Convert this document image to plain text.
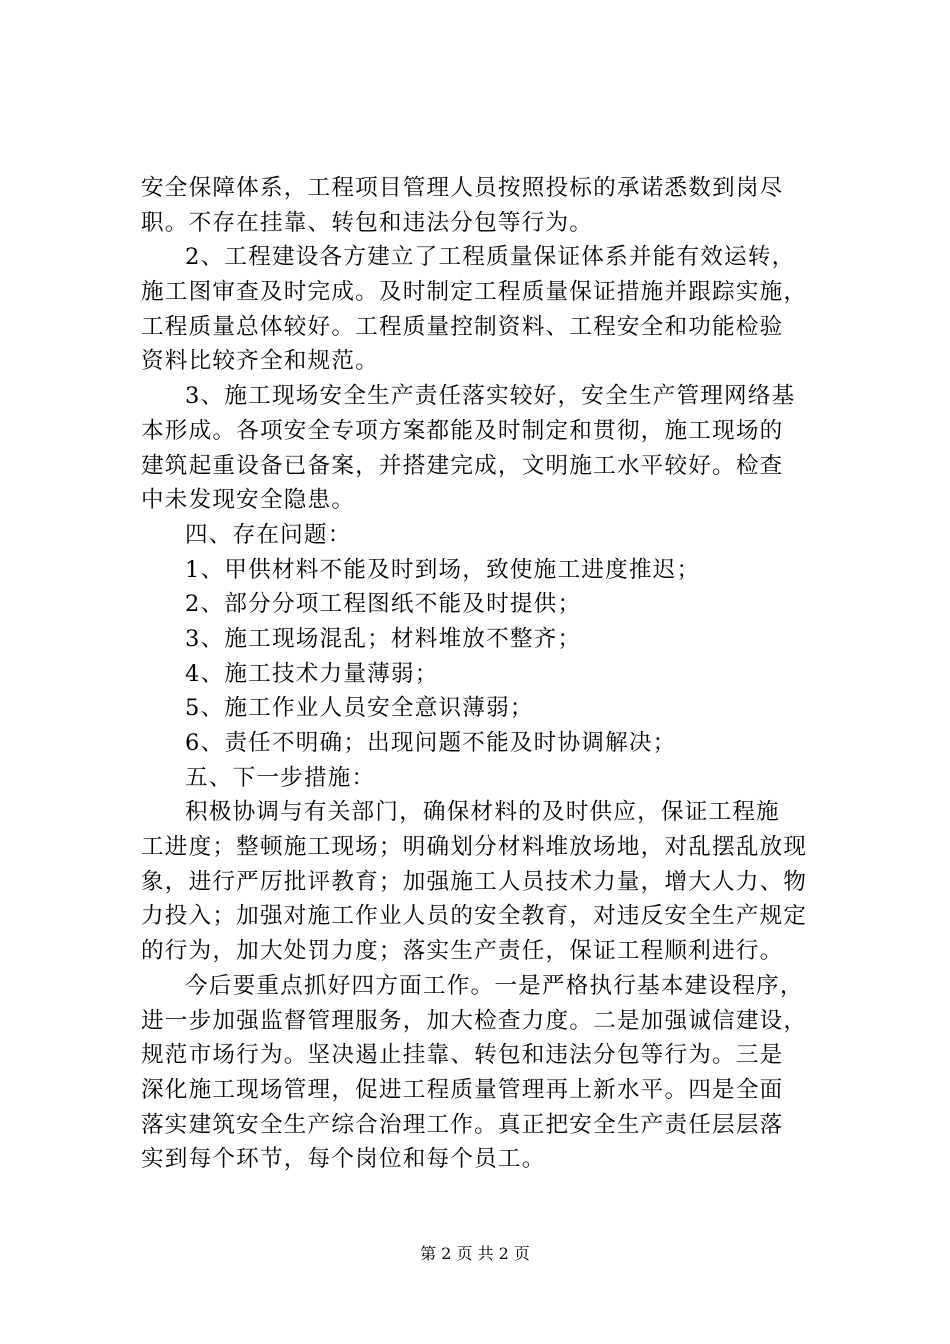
安全保障体系，工程项目管理人员按照投标的承诺悉数到岗尽
职。不存在挂靠、转包和违法分包等行为。
2、工程建设各方建立了工程质量保证体系并能有效运转，
施工图审查及时完成。及时制定工程质量保证措施并跟踪实施，
工程质量总体较好。工程质量控制资料、工程安全和功能检验
资料比较齐全和规范。
3、施工现场安全生产责任落实较好，安全生产管理网络基
本形成。各项安全专项方案都能及时制定和贯彻，施工现场的
建筑起重设备已备案，并搭建完成，文明施工水平较好。检查
中未发现安全隐患。
四、存在问题：
1、甲供材料不能及时到场，致使施工进度推迟；
2、部分分项工程图纸不能及时提供；
3、施工现场混乱；材料堆放不整齐；
4、施工技术力量薄弱；
5、施工作业人员安全意识薄弱；
6、责任不明确；出现问题不能及时协调解决；
五、下一步措施：
积极协调与有关部门，确保材料的及时供应，保证工程施
工进度；整顿施工现场；明确划分材料堆放场地，对乱摆乱放现
象，进行严厉批评教育；加强施工人员技术力量，增大人力、物
力投入；加强对施工作业人员的安全教育，对违反安全生产规定
的行为，加大处罚力度；落实生产责任，保证工程顺利进行。
今后要重点抓好四方面工作。一是严格执行基本建设程序，
进一步加强监督管理服务，加大检查力度。二是加强诚信建设，
规范市场行为。坚决遏止挂靠、转包和违法分包等行为。三是
深化施工现场管理，促进工程质量管理再上新水平。四是全面
落实建筑安全生产综合治理工作。真正把安全生产责任层层落
实到每个环节，每个岗位和每个员工。
第 2 页 共 2 页
